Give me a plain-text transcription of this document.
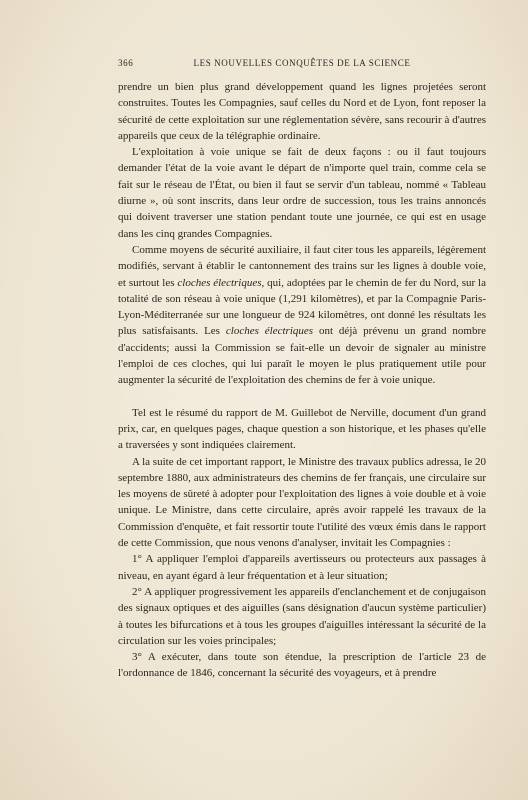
366	LES NOUVELLES CONQUÊTES DE LA SCIENCE

prendre un bien plus grand développement quand les lignes projetées seront construites. Toutes les Compagnies, sauf celles du Nord et de Lyon, font reposer la sécurité de cette exploitation sur une réglementation sévère, sans recourir à d'autres appareils que ceux de la télégraphie ordinaire.

L'exploitation à voie unique se fait de deux façons : ou il faut toujours demander l'état de la voie avant le départ de n'importe quel train, comme cela se fait sur le réseau de l'État, ou bien il faut se servir d'un tableau, nommé « Tableau diurne », où sont inscrits, dans leur ordre de succession, tous les trains annoncés qui doivent traverser une station pendant toute une journée, ce qui est en usage dans les cinq grandes Compagnies.

Comme moyens de sécurité auxiliaire, il faut citer tous les appareils, légèrement modifiés, servant à établir le cantonnement des trains sur les lignes à double voie, et surtout les cloches électriques, qui, adoptées par le chemin de fer du Nord, sur la totalité de son réseau à voie unique (1,291 kilomètres), et par la Compagnie Paris-Lyon-Méditerranée sur une longueur de 924 kilomètres, ont donné les résultats les plus satisfaisants. Les cloches électriques ont déjà prévenu un grand nombre d'accidents; aussi la Commission se fait-elle un devoir de signaler au ministre l'emploi de ces cloches, qui lui paraît le moyen le plus pratiquement utile pour augmenter la sécurité de l'exploitation des chemins de fer à voie unique.

Tel est le résumé du rapport de M. Guillebot de Nerville, document d'un grand prix, car, en quelques pages, chaque question a son historique, et les phases qu'elle a traversées y sont indiquées clairement.

A la suite de cet important rapport, le Ministre des travaux publics adressa, le 20 septembre 1880, aux administrateurs des chemins de fer français, une circulaire sur les moyens de sûreté à adopter pour l'exploitation des lignes à voie double et à voie unique. Le Ministre, dans cette circulaire, après avoir rappelé les travaux de la Commission d'enquête, et fait ressortir toute l'utilité des vœux émis dans le rapport de cette Commission, que nous venons d'analyser, invitait les Compagnies :

1° A appliquer l'emploi d'appareils avertisseurs ou protecteurs aux passages à niveau, en ayant égard à leur fréquentation et à leur situation;

2° A appliquer progressivement les appareils d'enclanchement et de conjugaison des signaux optiques et des aiguilles (sans désignation d'aucun système particulier) à toutes les bifurcations et à tous les groupes d'aiguilles intéressant la sécurité de la circulation sur les voies principales;

3° A exécuter, dans toute son étendue, la prescription de l'article 23 de l'ordonnance de 1846, concernant la sécurité des voyageurs, et à prendre
